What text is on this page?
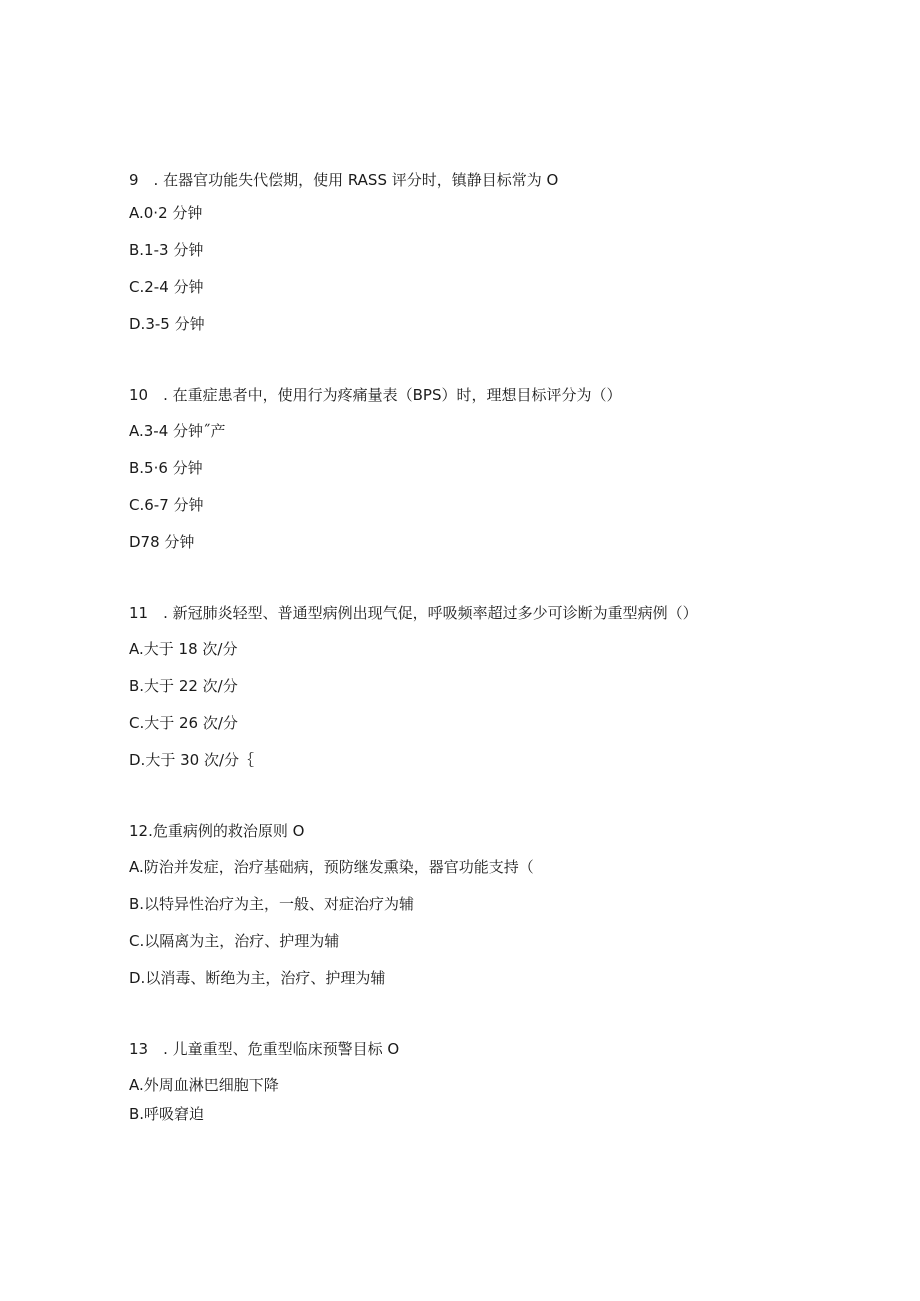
9　. 在器官功能失代偿期，使用 RASS 评分时，镇静目标常为 O
A.0·2 分钟
B.1-3 分钟
C.2-4 分钟
D.3-5 分钟
10　. 在重症患者中，使用行为疼痛量表（BPS）时，理想目标评分为（）
A.3-4 分钟˝产
B.5·6 分钟
C.6-7 分钟
D78 分钟
11　. 新冠肺炎轻型、普通型病例出现气促，呼吸频率超过多少可诊断为重型病例（）
A.大于 18 次/分
B.大于 22 次/分
C.大于 26 次/分
D.大于 30 次/分｛
12.危重病例的救治原则 O
A.防治并发症，治疗基础病，预防继发熏染，器官功能支持（
B.以特异性治疗为主，一般、对症治疗为辅
C.以隔离为主，治疗、护理为辅
D.以消毒、断绝为主，治疗、护理为辅
13　. 儿童重型、危重型临床预警目标 O
A.外周血淋巴细胞下降
B.呼吸窘迫
